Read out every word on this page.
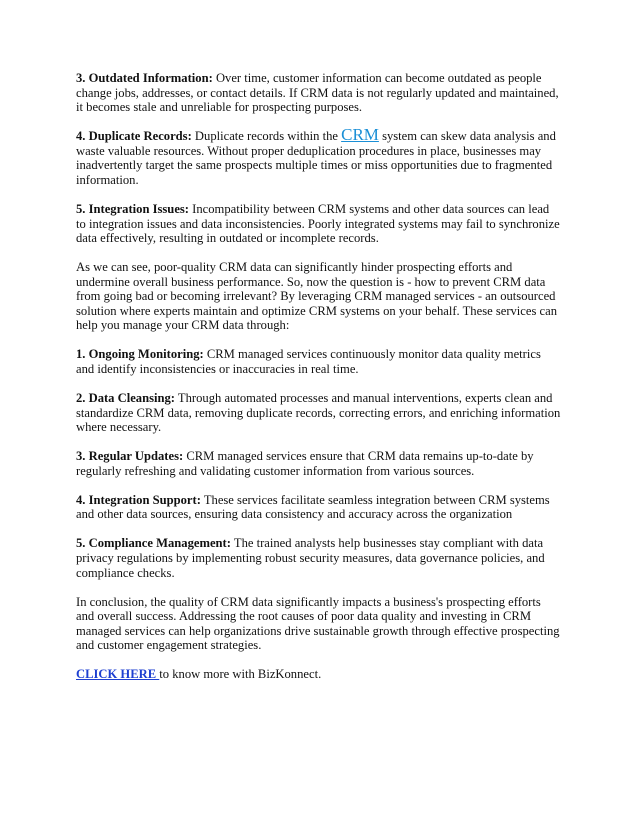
3. Outdated Information: Over time, customer information can become outdated as people change jobs, addresses, or contact details. If CRM data is not regularly updated and maintained, it becomes stale and unreliable for prospecting purposes.

4. Duplicate Records: Duplicate records within the CRM system can skew data analysis and waste valuable resources. Without proper deduplication procedures in place, businesses may inadvertently target the same prospects multiple times or miss opportunities due to fragmented information.

5. Integration Issues: Incompatibility between CRM systems and other data sources can lead to integration issues and data inconsistencies. Poorly integrated systems may fail to synchronize data effectively, resulting in outdated or incomplete records.

As we can see, poor-quality CRM data can significantly hinder prospecting efforts and undermine overall business performance. So, now the question is - how to prevent CRM data from going bad or becoming irrelevant? By leveraging CRM managed services - an outsourced solution where experts maintain and optimize CRM systems on your behalf. These services can help you manage your CRM data through:

1. Ongoing Monitoring: CRM managed services continuously monitor data quality metrics and identify inconsistencies or inaccuracies in real time.

2. Data Cleansing: Through automated processes and manual interventions, experts clean and standardize CRM data, removing duplicate records, correcting errors, and enriching information where necessary.

3. Regular Updates: CRM managed services ensure that CRM data remains up-to-date by regularly refreshing and validating customer information from various sources.

4. Integration Support: These services facilitate seamless integration between CRM systems and other data sources, ensuring data consistency and accuracy across the organization

5. Compliance Management: The trained analysts help businesses stay compliant with data privacy regulations by implementing robust security measures, data governance policies, and compliance checks.

In conclusion, the quality of CRM data significantly impacts a business's prospecting efforts and overall success. Addressing the root causes of poor data quality and investing in CRM managed services can help organizations drive sustainable growth through effective prospecting and customer engagement strategies.

CLICK HERE to know more with BizKonnect.
